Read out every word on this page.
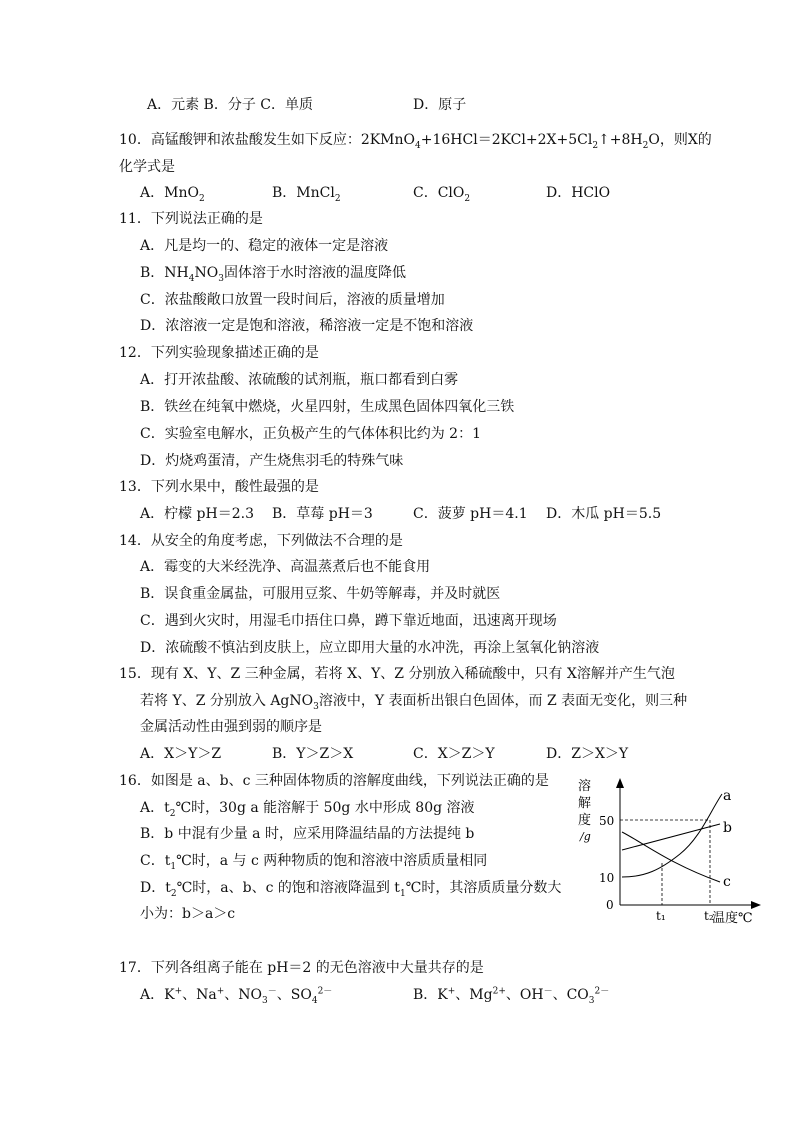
A．元素 B．分子 C．单质	D．原子
10．高锰酸钾和浓盐酸发生如下反应：$2KMnO_4+16HCl=2KCl+2X+5Cl_2↑+8H_2O$，则X的
化学式是
A．MnO$_2$	B．MnCl$_2$	C．ClO$_2$	D．HClO
11．下列说法正确的是
A．凡是均一的、稳定的液体一定是溶液
B．$NH_4NO_3$固体溶于水时溶液的温度降低
C．浓盐酸敞口放置一段时间后，溶液的质量增加
D．浓溶液一定是饱和溶液，稀溶液一定是不饱和溶液
12．下列实验现象描述正确的是
A．打开浓盐酸、浓硫酸的试剂瓶，瓶口都看到白雾
B．铁丝在纯氧中燃烧，火星四射，生成黑色固体四氧化三铁
C．实验室电解水，正负极产生的气体体积比约为 2：1
D．灼烧鸡蛋清，产生烧焦羽毛的特殊气味
13．下列水果中，酸性最强的是
A．柠檬 pH＝2.3 B．草莓 pH＝3	C．菠萝 pH＝4.1 D．木瓜 pH＝5.5
14．从安全的角度考虑，下列做法不合理的是
A．霉变的大米经洗净、高温蒸煮后也不能食用
B．误食重金属盐，可服用豆浆、牛奶等解毒，并及时就医
C．遇到火灾时，用湿毛巾捂住口鼻，蹲下靠近地面，迅速离开现场
D．浓硫酸不慎沾到皮肤上，应立即用大量的水冲洗，再涂上氢氧化钠溶液
15．现有 X、Y、Z 三种金属，若将 X、Y、Z 分别放入稀硫酸中，只有 X溶解并产生气泡
若将 Y、Z 分别放入 AgNO$_3$溶液中，Y 表面析出银白色固体，而 Z 表面无变化，则三种
金属活动性由强到弱的顺序是
A．X＞Y＞Z	B．Y＞Z＞X	C．X＞Z＞Y	D．Z＞X＞Y
16．如图是 a、b、c 三种固体物质的溶解度曲线，下列说法正确的是
A．$t_2℃$时，30g a 能溶解于 50g 水中形成 80g 溶液
B．b 中混有少量 a 时，应采用降温结晶的方法提纯 b
C．$t_1℃$时，a 与 c 两种物质的饱和溶液中溶质质量相同
D．$t_2℃$时，a、b、c 的饱和溶液降温到 $t_1℃$时，其溶质质量分数大
小为：b＞a＞c
溶
解
度
/g
50
10
0
t₁	t₂
温度℃
a
b
c
17．下列各组离子能在 pH＝2 的无色溶液中大量共存的是
A．K+、Na+、$NO_3^-$、$SO_4^{2-}$	B．K+、$Mg^{2+}$、OH－、$CO_3^{2-}$
